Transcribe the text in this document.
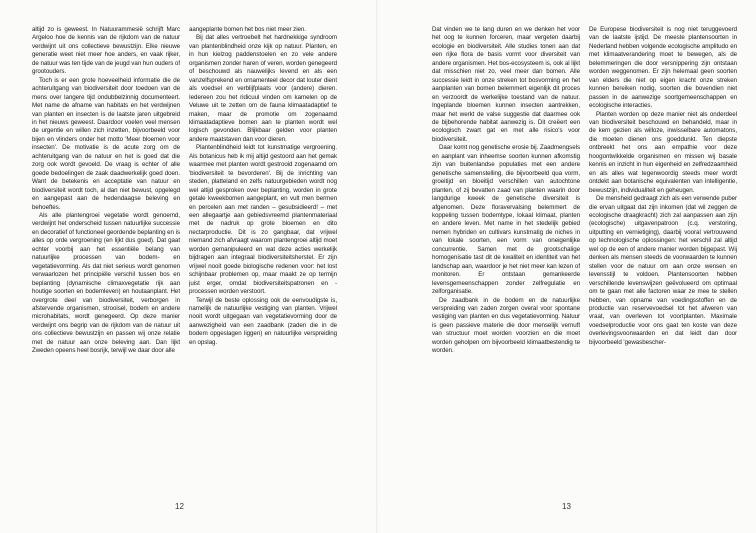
altijd zo is geweest. In Natuurammesië schrijft Marc Argeloo hoe de kennis van de rijkdom van de natuur verdwijnt uit ons collectieve bewustzijn. Elke nieuwe generatie weet niet meer hoe anders, en vaak rijker, de natuur was ten tijde van de jeugd van hun ouders of grootouders.

Toch is er een grote hoeveelheid informatie die de achteruitgang van biodiversiteit door toedoen van de mens over langere tijd ondubbelzinnig documenteert. Met name de afname van habitats en het verdwijnen van planten en insecten is de laatste jaren uitgebreid in het nieuws geweest. Daardoor voelen veel mensen de urgentie en willen zich inzetten, bijvoorbeeld voor bijen en vlinders onder het motto 'Meer bloemen voor insecten'. De motivatie is de acute zorg om de achteruitgang van de natuur en het is goed dat die zorg ook wordt gevoeld. De vraag is echter of alle goede bedoelingen de zaak daadwerkelijk goed doen. Want de betekenis en acceptatie van natuur en biodiversiteit wordt toch, al dan niet bewust, opgelegd en aangepast aan de hedendaagse beleving en behoeftes.

Als alle plantengroei vegetatie wordt genoemd, verdwijnt het onderscheid tussen natuurlijke successie en decoratief of functioneel geordende beplanting en is alles op orde vergroening (en lijkt dus goed). Dat gaat echter voorbij aan het essentiële belang van natuurlijke processen van bodem- en vegetatievorming. Als dat niet serieus wordt genomen verwaarlozen het principiële verschil tussen bos en beplanting (dynamische climaxvegetatie rijk aan houtige soorten en bodemleven) en houtaanplant. Het overgrote deel van biodiversiteit, verborgen in afstervende organismen, strooisel, bodem en andere microhabitats, wordt genegeerd. Op deze manier verdwijnt ons begrip van de rijkdom van de natuur uit ons collectieve bewustzijn en passen wij onze relatie met de natuur aan onze beleving aan. Dan lijkt Zweden opeens heel bosrijk, terwijl we daar door alle

aangeplante bomen het bos niet meer zien.

Bij dat alles vertroebelt het hardnekkige syndroom van plantenblindheid onze kijk op natuur. Planten, en in hun kielzog paddenstoelen en zo vele andere organismen zonder haren of veren, worden genegeerd of beschouwd als nauwelijks levend en als een vanzelfsprekend en ornamenteel decor dat louter dient als voedsel en verblijfplaats voor (andere) dieren. Iedereen zou het ridicuul vinden om kamelen op de Veluwe uit te zetten om de fauna klimaatadaptief te maken, maar de promotie om zogenaamd klimaatadaptieve bomen aan te planten wordt wel logisch gevonden. Blijkbaar gelden voor planten andere maatstaven dan voor dieren.

Plantenblindheid leidt tot kunstmatige vergroening. Als botanicus heb ik mij altijd gestoord aan het gemak waarmee met planten wordt gestrooid zogenaamd om 'biodiversiteit te bevorderen'. Bij de inrichting van steden, platteland en zelfs natuurgebieden wordt nog wel altijd gesproken over beplanting, worden in grote getale kweekbomen aangeplant, en vult men bermen en percelen aan met randen – gesubsidieerd! – met een allegaartje aan gebiedsvreemd plantenmateriaal met de nadruk op grote bloemen en dito nectarproductie. Dit is zo gangbaar, dat vrijwel niemand zich afvraagt waarom plantengroei altijd moet worden gemanipuleerd en wat deze acties werkelijk bijdragen aan integraal biodiversiteitsherstel. Er zijn vrijwel nooit goede biologische redenen voor: het lost schijnbaar problemen op, maar maakt ze op termijn juist erger, omdat biodiversiteitspatronen en -processen worden verstoort.

Terwijl de beste oplossing ook de eenvoudigste is, namelijk de natuurlijke vestiging van planten. Vrijwel nooit wordt uitgegaan van vegetatievorming door de aanwezigheid van een zaadbank (zaden die in de bodem opgeslagen liggen) en natuurlijke verspreiding en opslag.

12

Dat vinden we te lang duren en we denken het voor het oog te kunnen forceren, maar vergeten daarbij ecologie en biodiversiteit. Alle studies tonen aan dat een rijke flora de basis vormt voor diversiteit van andere organismen. Het bos-ecosysteem is, ook al lijkt dat misschien niet zo, veel meer dan bomen. Alle successie leidt in onze streken tot bosvorming en het aanplanten van bomen belemmert eigenlijk dit proces en verzoordt de werkelijke toestand van de natuur. Ingeplande bloemen kunnen insecten aantrekken, maar het werkt de valse suggestie dat daarmee ook de bijbehorende habitat aanwezig is. Dit creëert een ecologisch zwart gat en met alle risico's voor biodiversiteit.

Daar komt nog genetische erosie bij. Zaadmengsels en aanplant van inheemse soorten kunnen afkomstig zijn van buitenlandse populaties met een andere genetische samenstelling, die bijvoorbeeld qua vorm, groeitijd en bloeitijd verschillen van autochtone planten, of zij bevatten zaad van planten waarin door langdurige kweek de genetische diversiteit is afgenomen. Deze floravervalsing belemmert de koppeling tussen bodemtype, lokaal klimaat, planten en andere leven. Met name in het stedelijk gebied nemen hybriden en cultivars kunstmatig de niches in van lokale soorten, een vorm van oneigenlijke concurrentie. Samen met de grootschalige homogenisatie tast dit de kwaliteit en identiteit van het landschap aan, waardoor je het niet meer kan lezen of monitoren. Er ontstaan gemankeerde levensgemeenschappen zonder zelfregulatie en zelforganisatie.

De zaadbank in de bodem en de natuurlijke verspreiding van zaden zorgen overal voor spontane vestiging van planten en dus vegetatievorming. Natuur is geen passieve materie die door menselijk vernuft van structuur moet worden voorzien en die moet worden geholpen om bijvoorbeeld klimaatbestendig te worden.

De Europese biodiversiteit is nog niet teruggevoerd van de laatste ijstijd. De meeste plantensoorten in Nederland hebben volgende ecologische amplitudo en met klimaatverandering moet te bewegen, als de belemmeringen die door versnippering zijn ontstaan worden weggenomen. Er zijn helemaal geen soorten van elders die niet op eigen kracht onze streken kunnen bereiken nodig, soorten die bovendien niet passen in de aanwezige soortgemeenschappen en ecologische interacties.

Planten worden op deze manier niet als onderdeel van biodiversiteit beschouwd en behandeld, maar in de kern gezien als willoze, inwisselbare automatons, die moeten dienen ons goeddunkt. Ten diepste ontbreekt het ons aan empathie voor deze hoogontwikkelde organismen en missen wij basale kennis en inzicht in hun eigenheid en zelfredzaamheid en als alles wat tegenwoordig steeds meer wordt ontdekt aan botanische equivalenten van intelligentie, bewustzijn, individualiteit en geheugen.

De mensheid gedraagt zich als een verwende puber die ervan uitgaat dat zijn inkomen (dat wil zeggen de ecologische draagkracht) zich zal aanpassen aan zijn (ecologische) uitgavenpatroon (c.q. verstoring, uitputting en vernietiging), daarbij vooral vertrouwend op technologische oplossingen: het verschil zal altijd wel op de een of andere manier worden bijgepast. Wij denken als mensen steeds de voorwaarden te kunnen stellen voor de natuur om aan onze wensen en levensstijl te voldoen. Plantensoorten hebben verschillende levenswijzen geëvolueerd om optimaal om te gaan met alle factoren waar ze mee te stellen hebben, van opname van voedingsstoffen en de productie van reservevoedsel tot het afweren van vraat, van overleven tot voortplanten. Maximale voedselproductie voor ons gaat ten koste van deze overlevingsvoorwaarden en dat leidt dan door bijvoorbeeld 'gewasbescher-

13
